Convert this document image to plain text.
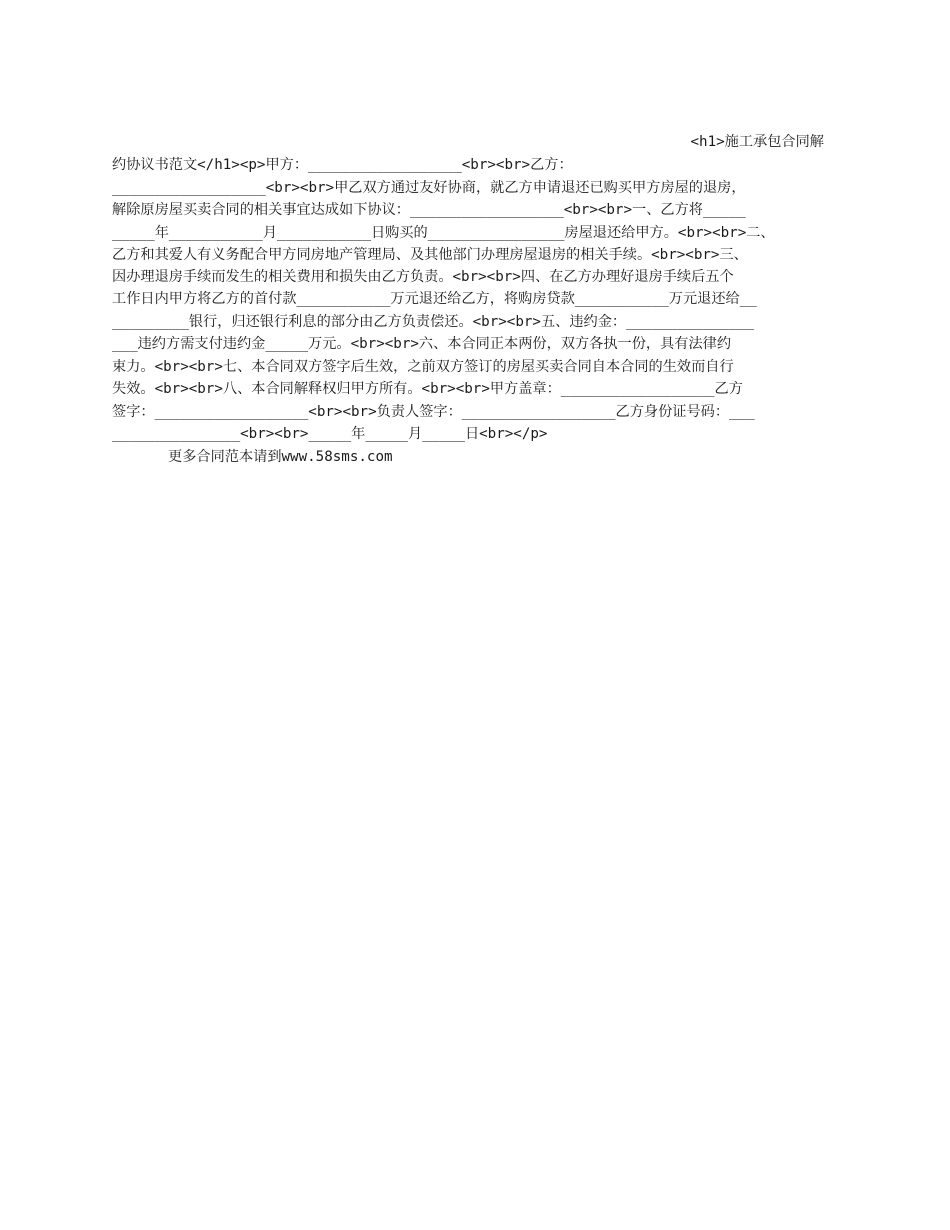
<h1>施工承包合同解
约协议书范文</h1><p>甲方：__________________<br><br>乙方：
__________________<br><br>甲乙双方通过友好协商，就乙方申请退还已购买甲方房屋的退房，
解除原房屋买卖合同的相关事宜达成如下协议：__________________<br><br>一、乙方将_____
_____年___________月___________日购买的________________房屋退还给甲方。<br><br>二、
乙方和其爱人有义务配合甲方同房地产管理局、及其他部门办理房屋退房的相关手续。<br><br>三、
因办理退房手续而发生的相关费用和损失由乙方负责。<br><br>四、在乙方办理好退房手续后五个
工作日内甲方将乙方的首付款___________万元退还给乙方，将购房贷款___________万元退还给__
_________银行，归还银行利息的部分由乙方负责偿还。<br><br>五、违约金：_______________
___违约方需支付违约金_____万元。<br><br>六、本合同正本两份，双方各执一份，具有法律约
束力。<br><br>七、本合同双方签字后生效，之前双方签订的房屋买卖合同自本合同的生效而自行
失效。<br><br>八、本合同解释权归甲方所有。<br><br>甲方盖章：__________________乙方
签字：__________________<br><br>负责人签字：__________________乙方身份证号码：___
_______________<br><br>_____年_____月_____日<br></p>
更多合同范本请到www.58sms.com
